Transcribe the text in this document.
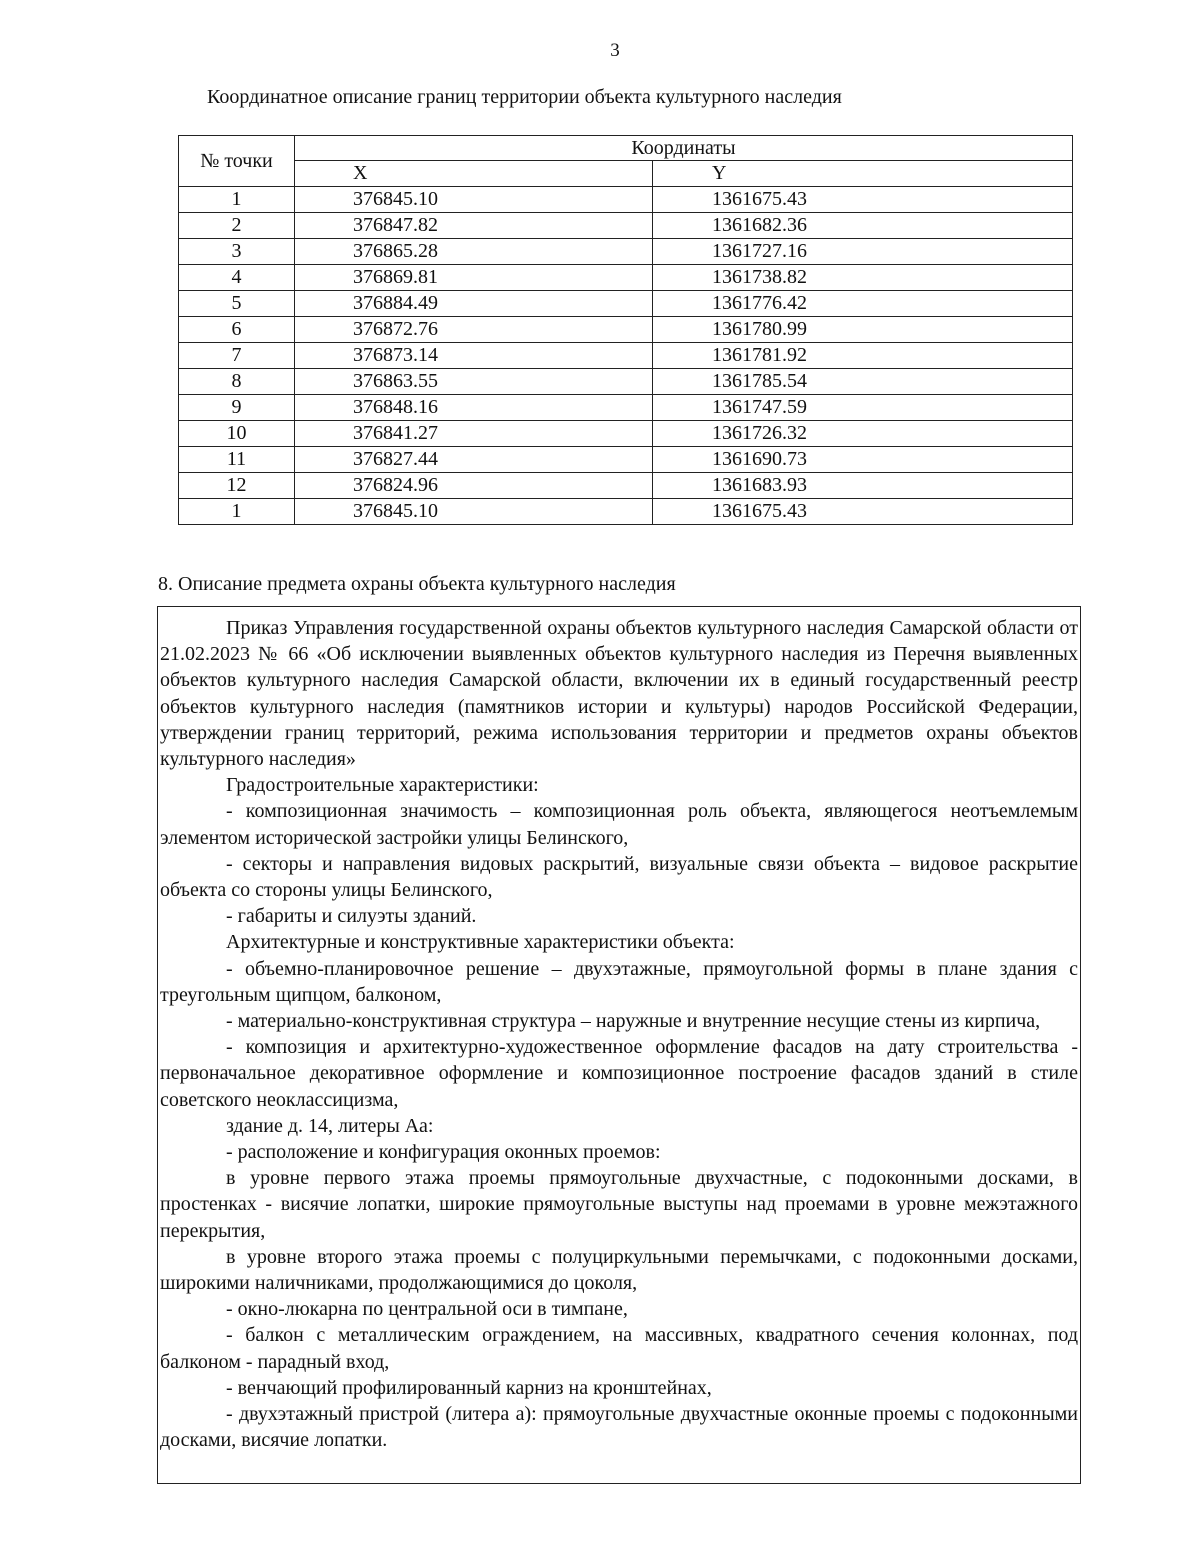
3
Координатное описание границ территории объекта культурного наследия
№ точки	Координаты	
	X	Y
1	376845.10	1361675.43
2	376847.82	1361682.36
3	376865.28	1361727.16
4	376869.81	1361738.82
5	376884.49	1361776.42
6	376872.76	1361780.99
7	376873.14	1361781.92
8	376863.55	1361785.54
9	376848.16	1361747.59
10	376841.27	1361726.32
11	376827.44	1361690.73
12	376824.96	1361683.93
1	376845.10	1361675.43
8. Описание предмета охраны объекта культурного наследия

Приказ Управления государственной охраны объектов культурного наследия Самарской области от 21.02.2023 № 66 «Об исключении выявленных объектов культурного наследия из Перечня выявленных объектов культурного наследия Самарской области, включении их в единый государственный реестр объектов культурного наследия (памятников истории и культуры) народов Российской Федерации, утверждении границ территорий, режима использования территории и предметов охраны объектов культурного наследия»

Градостроительные характеристики:

- композиционная значимость – композиционная роль объекта, являющегося неотъемлемым элементом исторической застройки улицы Белинского,

- секторы и направления видовых раскрытий, визуальные связи объекта – видовое раскрытие объекта со стороны улицы Белинского,

- габариты и силуэты зданий.

Архитектурные и конструктивные характеристики объекта:

- объемно-планировочное решение – двухэтажные, прямоугольной формы в плане здания с треугольным щипцом, балконом,

- материально-конструктивная структура – наружные и внутренние несущие стены из кирпича,

- композиция и архитектурно-художественное оформление фасадов на дату строительства - первоначальное декоративное оформление и композиционное построение фасадов зданий в стиле советского неоклассицизма,

здание д. 14, литеры Аа:

- расположение и конфигурация оконных проемов:

в уровне первого этажа проемы прямоугольные двухчастные, с подоконными досками, в простенках - висячие лопатки, широкие прямоугольные выступы над проемами в уровне межэтажного перекрытия,

в уровне второго этажа проемы с полуциркульными перемычками, с подоконными досками, широкими наличниками, продолжающимися до цоколя,

- окно-люкарна по центральной оси в тимпане,

- балкон с металлическим ограждением, на массивных, квадратного сечения колоннах, под балконом - парадный вход,

- венчающий профилированный карниз на кронштейнах,

- двухэтажный пристрой (литера а): прямоугольные двухчастные оконные проемы с подоконными досками, висячие лопатки.
